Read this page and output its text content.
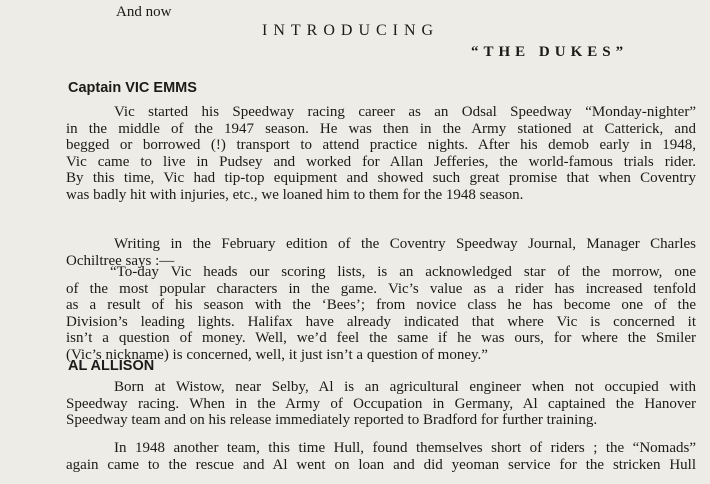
And now
INTRODUCING
“THE DUKES”
Captain VIC EMMS
Vic started his Speedway racing career as an Odsal Speedway “Monday-nighter”
in the middle of the 1947 season. He was then in the Army stationed at Catterick, and
begged or borrowed (!) transport to attend practice nights. After his demob early in 1948,
Vic came to live in Pudsey and worked for Allan Jefferies, the world-famous trials rider.
By this time, Vic had tip-top equipment and showed such great promise that when Coventry
was badly hit with injuries, etc., we loaned him to them for the 1948 season.
Writing in the February edition of the Coventry Speedway Journal, Manager Charles
Ochiltree says :—
“To-day Vic heads our scoring lists, is an acknowledged star of the morrow, one
of the most popular characters in the game. Vic’s value as a rider has increased tenfold
as a result of his season with the ‘Bees’; from novice class he has become one of the
Division’s leading lights. Halifax have already indicated that where Vic is concerned it
isn’t a question of money. Well, we’d feel the same if he was ours, for where the Smiler
(Vic’s nickname) is concerned, well, it just isn’t a question of money.”
AL ALLISON
Born at Wistow, near Selby, Al is an agricultural engineer when not occupied with
Speedway racing. When in the Army of Occupation in Germany, Al captained the Hanover
Speedway team and on his release immediately reported to Bradford for further training.
In 1948 another team, this time Hull, found themselves short of riders ; the “Nomads”
again came to the rescue and Al went on loan and did yeoman service for the stricken Hull
